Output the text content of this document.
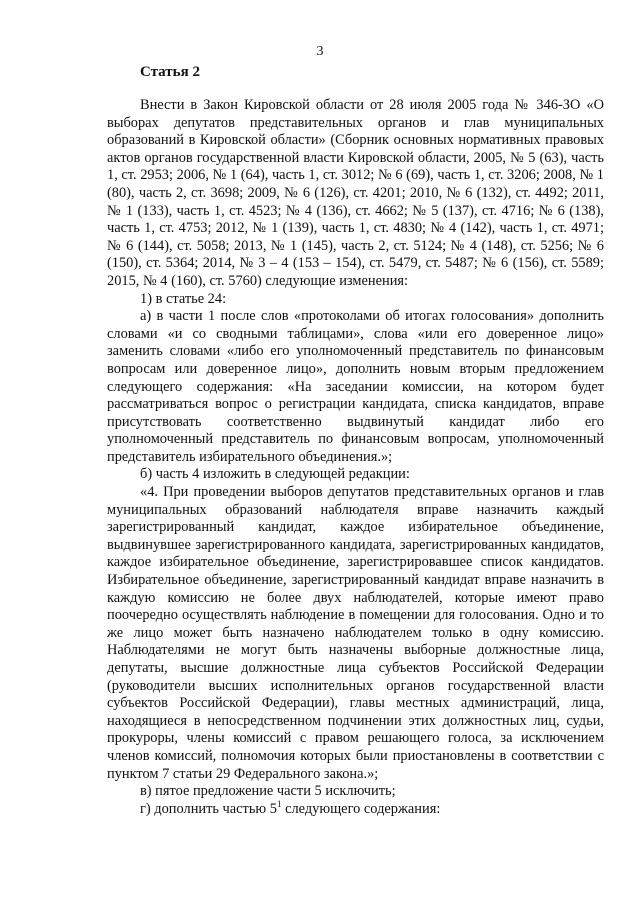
3
Статья 2

Внести в Закон Кировской области от 28 июля 2005 года № 346-ЗО «О выборах депутатов представительных органов и глав муниципальных образований в Кировской области» (Сборник основных нормативных правовых актов органов государственной власти Кировской области, 2005, № 5 (63), часть 1, ст. 2953; 2006, № 1 (64), часть 1, ст. 3012; № 6 (69), часть 1, ст. 3206; 2008, № 1 (80), часть 2, ст. 3698; 2009, № 6 (126), ст. 4201; 2010, № 6 (132), ст. 4492; 2011, № 1 (133), часть 1, ст. 4523; № 4 (136), ст. 4662; № 5 (137), ст. 4716; № 6 (138), часть 1, ст. 4753; 2012, № 1 (139), часть 1, ст. 4830; № 4 (142), часть 1, ст. 4971; № 6 (144), ст. 5058; 2013, № 1 (145), часть 2, ст. 5124; № 4 (148), ст. 5256; № 6 (150), ст. 5364; 2014, № 3 – 4 (153 – 154), ст. 5479, ст. 5487; № 6 (156), ст. 5589; 2015, № 4 (160), ст. 5760) следующие изменения:

1) в статье 24:

а) в части 1 после слов «протоколами об итогах голосования» дополнить словами «и со сводными таблицами», слова «или его доверенное лицо» заменить словами «либо его уполномоченный представитель по финансовым вопросам или доверенное лицо», дополнить новым вторым предложением следующего содержания: «На заседании комиссии, на котором будет рассматриваться вопрос о регистрации кандидата, списка кандидатов, вправе присутствовать соответственно выдвинутый кандидат либо его уполномоченный представитель по финансовым вопросам, уполномоченный представитель избирательного объединения.»;

б) часть 4 изложить в следующей редакции:

«4. При проведении выборов депутатов представительных органов и глав муниципальных образований наблюдателя вправе назначить каждый зарегистрированный кандидат, каждое избирательное объединение, выдвинувшее зарегистрированного кандидата, зарегистрированных кандидатов, каждое избирательное объединение, зарегистрировавшее список кандидатов. Избирательное объединение, зарегистрированный кандидат вправе назначить в каждую комиссию не более двух наблюдателей, которые имеют право поочередно осуществлять наблюдение в помещении для голосования. Одно и то же лицо может быть назначено наблюдателем только в одну комиссию. Наблюдателями не могут быть назначены выборные должностные лица, депутаты, высшие должностные лица субъектов Российской Федерации (руководители высших исполнительных органов государственной власти субъектов Российской Федерации), главы местных администраций, лица, находящиеся в непосредственном подчинении этих должностных лиц, судьи, прокуроры, члены комиссий с правом решающего голоса, за исключением членов комиссий, полномочия которых были приостановлены в соответствии с пунктом 7 статьи 29 Федерального закона.»;

в) пятое предложение части 5 исключить;

г) дополнить частью $5^1$ следующего содержания:
